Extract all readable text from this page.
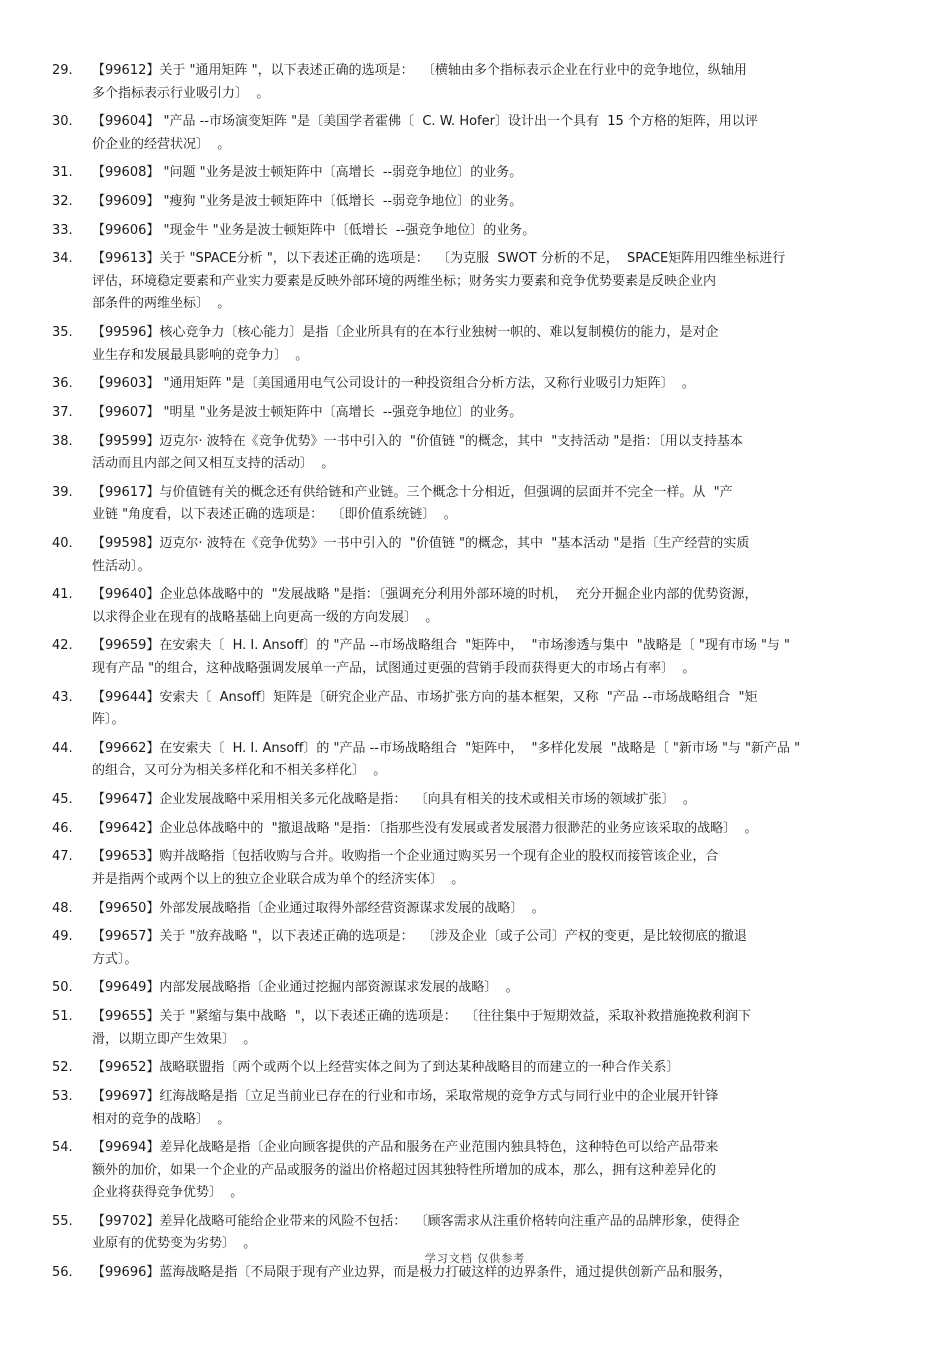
29.	【99612】关于 "通用矩阵 "，以下表述正确的选项是：  〔横轴由多个指标表示企业在行业中的竞争地位，纵轴用
多个指标表示行业吸引力〕  。
30.	【99604】 "产品 --市场演变矩阵 "是〔美国学者霍佛〔  C. W. Hofer〕设计出一个具有  15 个方格的矩阵，用以评
价企业的经营状况〕  。
31.	【99608】 "问题 "业务是波士顿矩阵中〔高增长  --弱竞争地位〕的业务。
32.	【99609】 "瘦狗 "业务是波士顿矩阵中〔低增长  --弱竞争地位〕的业务。
33.	【99606】 "现金牛 "业务是波士顿矩阵中〔低增长  --强竞争地位〕的业务。
34.	【99613】关于 "SPACE分析 "，以下表述正确的选项是：  〔为克服  SWOT 分析的不足，  SPACE矩阵用四维坐标进行
评估，环境稳定要素和产业实力要素是反映外部环境的两维坐标；财务实力要素和竞争优势要素是反映企业内
部条件的两维坐标〕  。
35.	【99596】核心竞争力〔核心能力〕是指〔企业所具有的在本行业独树一帜的、难以复制模仿的能力，是对企
业生存和发展最具影响的竞争力〕  。
36.	【99603】 "通用矩阵 "是〔美国通用电气公司设计的一种投资组合分析方法，又称行业吸引力矩阵〕  。
37.	【99607】 "明星 "业务是波士顿矩阵中〔高增长  --强竞争地位〕的业务。
38.	【99599】迈克尔· 波特在《竞争优势》一书中引入的  "价值链 "的概念，其中  "支持活动 "是指：〔用以支持基本
活动而且内部之间又相互支持的活动〕  。
39.	【99617】与价值链有关的概念还有供给链和产业链。三个概念十分相近，但强调的层面并不完全一样。从  "产
业链 "角度看，以下表述正确的选项是：  〔即价值系统链〕  。
40.	【99598】迈克尔· 波特在《竞争优势》一书中引入的  "价值链 "的概念，其中  "基本活动 "是指〔生产经营的实质
性活动〕。
41.	【99640】企业总体战略中的  "发展战略 "是指：〔强调充分利用外部环境的时机，  充分开掘企业内部的优势资源，
以求得企业在现有的战略基础上向更高一级的方向发展〕  。
42.	【99659】在安索夫〔  H. I. Ansoff〕的 "产品 --市场战略组合  "矩阵中，  "市场渗透与集中  "战略是〔 "现有市场 "与 "
现有产品 "的组合，这种战略强调发展单一产品，试图通过更强的营销手段而获得更大的市场占有率〕  。
43.	【99644】安索夫〔  Ansoff〕矩阵是〔研究企业产品、市场扩张方向的基本框架，又称  "产品 --市场战略组合  "矩
阵〕。
44.	【99662】在安索夫〔  H. I. Ansoff〕的 "产品 --市场战略组合  "矩阵中，  "多样化发展  "战略是〔 "新市场 "与 "新产品 "
的组合，又可分为相关多样化和不相关多样化〕  。
45.	【99647】企业发展战略中采用相关多元化战略是指：  〔向具有相关的技术或相关市场的领域扩张〕  。
46.	【99642】企业总体战略中的  "撤退战略 "是指：〔指那些没有发展或者发展潜力很渺茫的业务应该采取的战略〕  。
47.	【99653】购并战略指〔包括收购与合并。收购指一个企业通过购买另一个现有企业的股权而接管该企业，合
并是指两个或两个以上的独立企业联合成为单个的经济实体〕  。
48.	【99650】外部发展战略指〔企业通过取得外部经营资源谋求发展的战略〕  。
49.	【99657】关于 "放弃战略 "，以下表述正确的选项是：  〔涉及企业〔或子公司〕产权的变更，是比较彻底的撤退
方式〕。
50.	【99649】内部发展战略指〔企业通过挖掘内部资源谋求发展的战略〕  。
51.	【99655】关于 "紧缩与集中战略  "，以下表述正确的选项是：  〔往往集中于短期效益，采取补救措施挽救利润下
滑，以期立即产生效果〕  。
52.	【99652】战略联盟指〔两个或两个以上经营实体之间为了到达某种战略目的而建立的一种合作关系〕
53.	【99697】红海战略是指〔立足当前业已存在的行业和市场，采取常规的竞争方式与同行业中的企业展开针锋
相对的竞争的战略〕  。
54.	【99694】差异化战略是指〔企业向顾客提供的产品和服务在产业范围内独具特色，这种特色可以给产品带来
额外的加价，如果一个企业的产品或服务的溢出价格超过因其独特性所增加的成本，那么，拥有这种差异化的
企业将获得竞争优势〕  。
55.	【99702】差异化战略可能给企业带来的风险不包括：  〔顾客需求从注重价格转向注重产品的品牌形象，使得企
业原有的优势变为劣势〕  。
56.	【99696】蓝海战略是指〔不局限于现有产业边界，而是极力打破这样的边界条件，通过提供创新产品和服务，
学习文档 仅供参考
